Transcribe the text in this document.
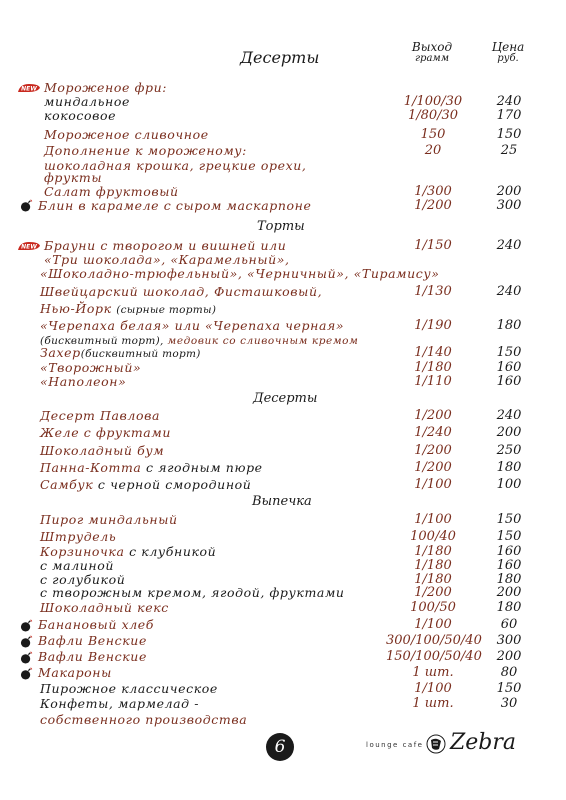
Десерты
Выход
грамм
Цена
руб.
NEW Мороженое фри:
миндальное	1/100/30	240
кокосовое	1/80/30	170
Мороженое сливочное	150	150
Дополнение к мороженому:	20	25
шоколадная крошка, грецкие орехи,
фрукты
Салат фруктовый	1/300	200
Блин в карамеле с сыром маскарпоне	1/200	300
Торты
NEW Брауни с творогом и вишней или	1/150	240
«Три шоколада», «Карамельный»,
«Шоколадно-трюфельный», «Черничный», «Тирамису»
Швейцарский шоколад, Фисташковый,	1/130	240
Нью-Йорк (сырные торты)
«Черепаха белая» или «Черепаха черная»	1/190	180
(бисквитный торт), медовик со сливочным кремом
Захер(бисквитный торт)	1/140	150
«Творожный»	1/180	160
«Наполеон»	1/110	160
Десерты
Десерт Павлова	1/200	240
Желе с фруктами	1/240	200
Шоколадный бум	1/200	250
Панна-Котта с ягодным пюре	1/200	180
Самбук с черной смородиной	1/100	100
Выпечка
Пирог миндальный	1/100	150
Штрудель	100/40	150
Корзиночка с клубникой	1/180	160
с малиной	1/180	160
с голубикой	1/180	180
с творожным кремом, ягодой, фруктами	1/200	200
Шоколадный кекс	100/50	180
Банановый хлеб	1/100	60
Вафли Венские	300/100/50/40	300
Вафли Венские	150/100/50/40	200
Макароны	1 шт.	80
Пирожное классическое	1/100	150
Конфеты, мармелад -	1 шт.	30
собственного производства
6	lounge cafe Zebra
